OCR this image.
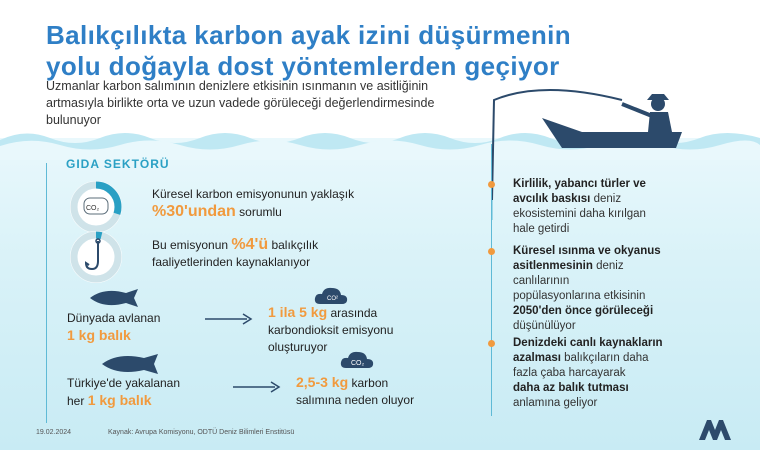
Balıkçılıkta karbon ayak izini düşürmenin
yolu doğayla dost yöntemlerden geçiyor
Uzmanlar karbon salımının denizlere etkisinin ısınmanın ve asitliğinin artmasıyla birlikte orta ve uzun vadede görüleceği değerlendirmesinde bulunuyor
GIDA SEKTÖRÜ
CO₂
Küresel karbon emisyonunun yaklaşık
%30'undan sorumlu
Bu emisyonun %4'ü balıkçılık
faaliyetlerinden kaynaklanıyor
Dünyada avlanan
1 kg balık
CO²
1 ila 5 kg arasında
karbondioksit emisyonu
oluşturuyor
Türkiye'de yakalanan
her 1 kg balık
CO₂
2,5-3 kg karbon
salımına neden oluyor
Kirlilik, yabancı türler ve
avcılık baskısı deniz
ekosistemini daha kırılgan
hale getirdi
Küresel ısınma ve okyanus
asitlenmesinin deniz
canlılarının
popülasyonlarına etkisinin
2050'den önce görüleceği
düşünülüyor
Denizdeki canlı kaynakların
azalması balıkçıların daha
fazla çaba harcayarak
daha az balık tutması
anlamına geliyor
19.02.2024	Kaynak: Avrupa Komisyonu, ODTÜ Deniz Bilimleri Enstitüsü
